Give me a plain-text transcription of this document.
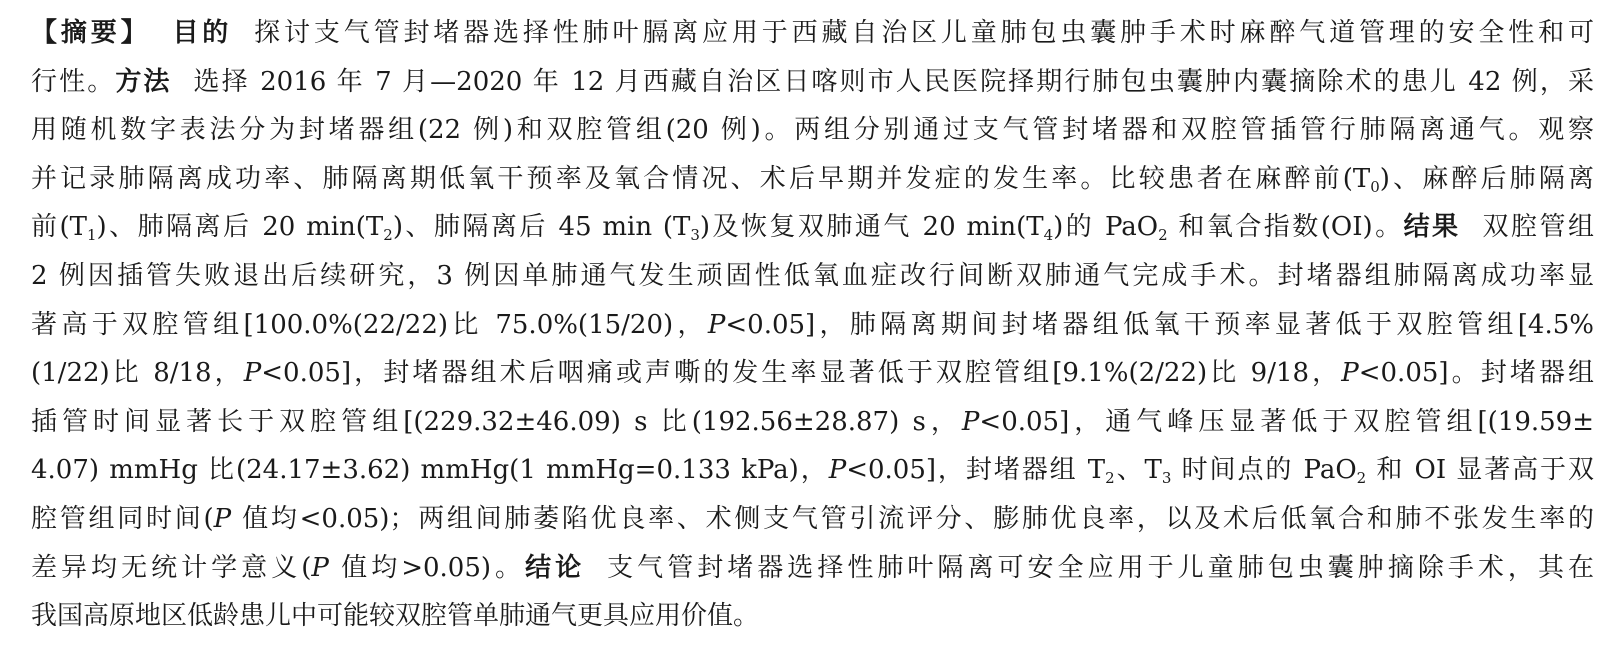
【摘要】 目的 探讨支气管封堵器选择性肺叶膈离应用于西藏自治区儿童肺包虫囊肿手术时麻醉气道管理的安全性和可
行性。方法 选择 2016 年 7 月—2020 年 12 月西藏自治区日喀则市人民医院择期行肺包虫囊肿内囊摘除术的患儿 42 例，采
用随机数字表法分为封堵器组(22 例)和双腔管组(20 例)。两组分别通过支气管封堵器和双腔管插管行肺隔离通气。观察
并记录肺隔离成功率、肺隔离期低氧干预率及氧合情况、术后早期并发症的发生率。比较患者在麻醉前$(T_0)$、麻醉后肺隔离
前$(T_1)$、肺隔离后 20 $\min(T_2)$、肺隔离后 45 $\min (T_3)$及恢复双肺通气 20 $\min(T_4)$的 PaO$_2$ 和氧合指数(OI)。结果 双腔管组
2 例因插管失败退出后续研究，3 例因单肺通气发生顽固性低氧血症改行间断双肺通气完成手术。封堵器组肺隔离成功率显
著高于双腔管组[100.0%(22/22)比 75.0%(15/20)，P<0.05]，肺隔离期间封堵器组低氧干预率显著低于双腔管组[4.5%
(1/22)比 8/18，P<0.05]，封堵器组术后咽痛或声嘶的发生率显著低于双腔管组[9.1%(2/22)比 9/18，P<0.05]。封堵器组
插管时间显著长于双腔管组[(229.32±46.09) s 比(192.56±28.87) s，P<0.05]，通气峰压显著低于双腔管组[(19.59±
4.07) mmHg 比(24.17±3.62) mmHg(1 mmHg=0.133 kPa)，P<0.05]，封堵器组 $T_2$、$T_3$ 时间点的 PaO$_2$ 和 OI 显著高于双
腔管组同时间(P 值均<0.05)；两组间肺萎陷优良率、术侧支气管引流评分、膨肺优良率，以及术后低氧合和肺不张发生率的
差异均无统计学意义(P 值均>0.05)。结论 支气管封堵器选择性肺叶隔离可安全应用于儿童肺包虫囊肿摘除手术，其在
我国高原地区低龄患儿中可能较双腔管单肺通气更具应用价值。
